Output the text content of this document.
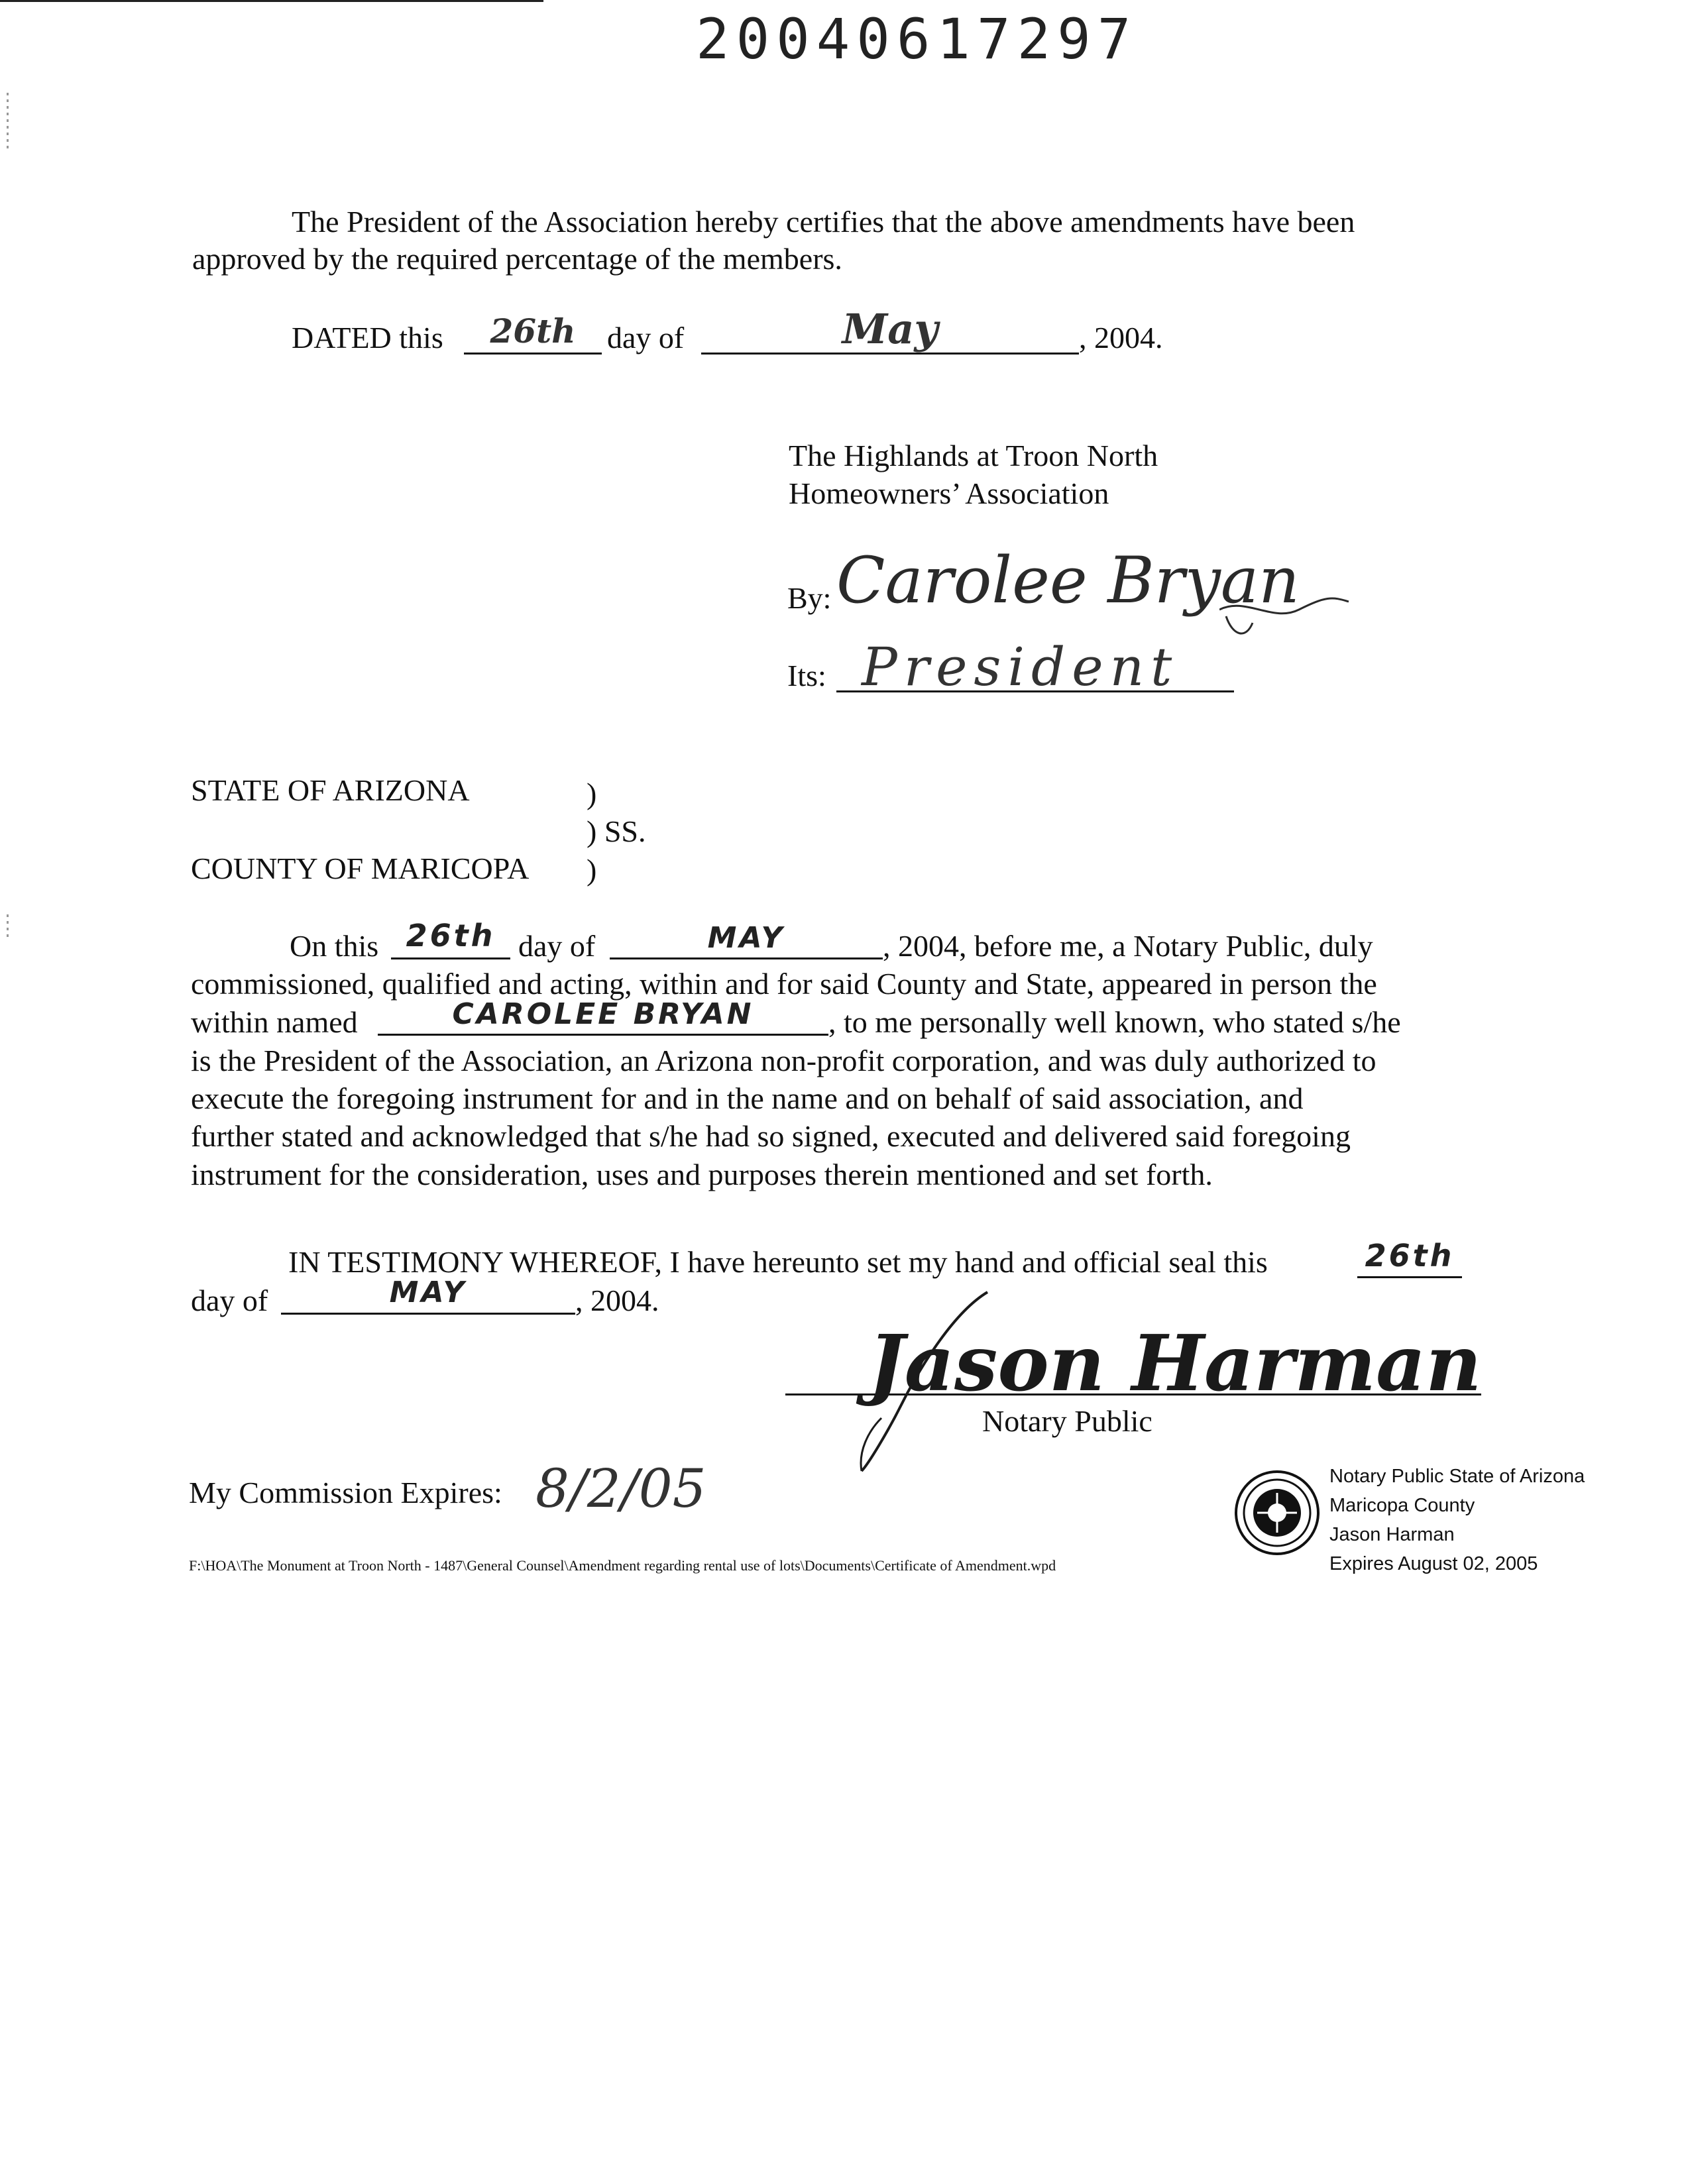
20040617297
The President of the Association hereby certifies that the above amendments have been
approved by the required percentage of the members.
DATED this	26th	day of	May	, 2004.
The Highlands at Troon North
Homeowners’ Association
By: Carolee Bryan
Its: President
STATE OF ARIZONA	)
) SS.
COUNTY OF MARICOPA )
On this 26th day of	MAY	, 2004, before me, a Notary Public, duly
commissioned, qualified and acting, within and for said County and State, appeared in person the
within named	CAROLEE BRYAN	, to me personally well known, who stated s/he
is the President of the Association, an Arizona non-profit corporation, and was duly authorized to
execute the foregoing instrument for and in the name and on behalf of said association, and
further stated and acknowledged that s/he had so signed, executed and delivered said foregoing
instrument for the consideration, uses and purposes therein mentioned and set forth.
IN TESTIMONY WHEREOF, I have hereunto set my hand and official seal this	26th
day of	MAY	, 2004.
Jason Harman
Notary Public
My Commission Expires: 8/2/05
F:\HOA\The Monument at Troon North - 1487\General Counsel\Amendment regarding rental use of lots\Documents\Certificate of Amendment.wpd
Notary Public State of Arizona
Maricopa County
Jason Harman
Expires August 02, 2005
